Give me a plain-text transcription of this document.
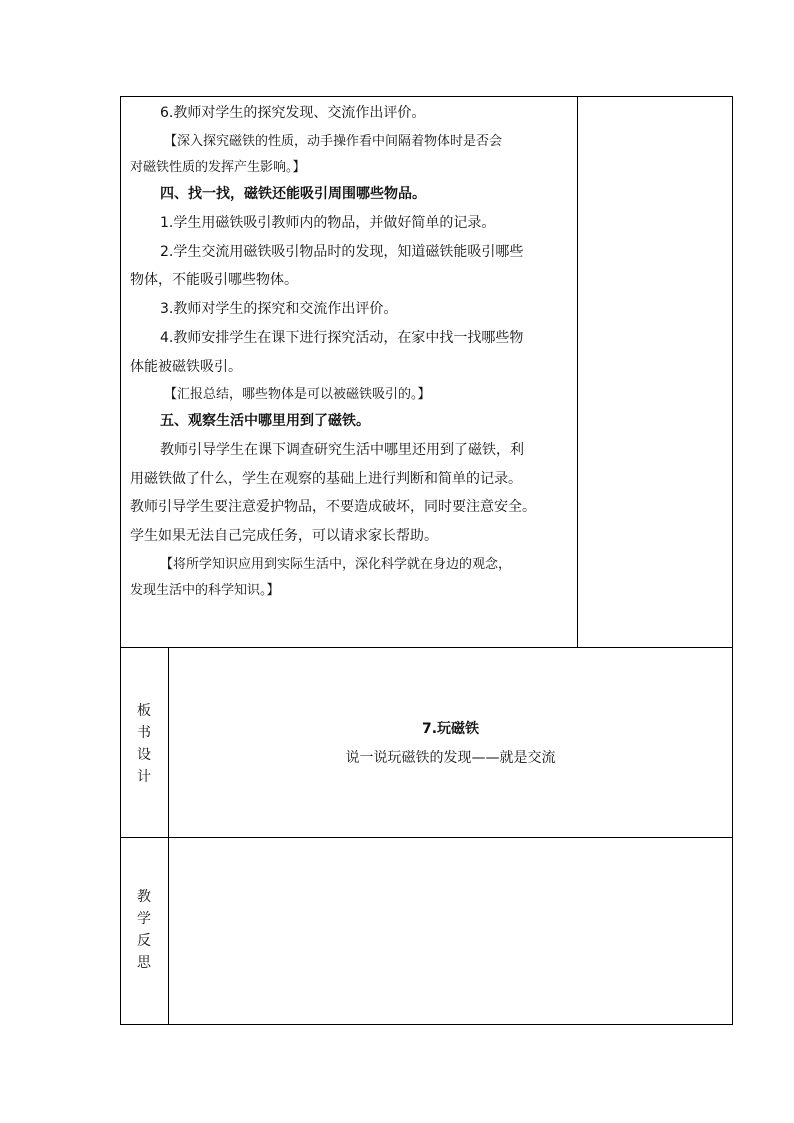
6.教师对学生的探究发现、交流作出评价。
【深入探究磁铁的性质，动手操作看中间隔着物体时是否会
对磁铁性质的发挥产生影响。】
四、找一找，磁铁还能吸引周围哪些物品。
1.学生用磁铁吸引教师内的物品，并做好简单的记录。
2.学生交流用磁铁吸引物品时的发现，知道磁铁能吸引哪些
物体，不能吸引哪些物体。
3.教师对学生的探究和交流作出评价。
4.教师安排学生在课下进行探究活动，在家中找一找哪些物
体能被磁铁吸引。
【汇报总结，哪些物体是可以被磁铁吸引的。】
五、观察生活中哪里用到了磁铁。
教师引导学生在课下调查研究生活中哪里还用到了磁铁，利
用磁铁做了什么，学生在观察的基础上进行判断和简单的记录。
教师引导学生要注意爱护物品，不要造成破坏，同时要注意安全。
学生如果无法自己完成任务，可以请求家长帮助。
【将所学知识应用到实际生活中，深化科学就在身边的观念，
发现生活中的科学知识。】
板
书
设
计
7.玩磁铁
说一说玩磁铁的发现——就是交流
教
学
反
思
